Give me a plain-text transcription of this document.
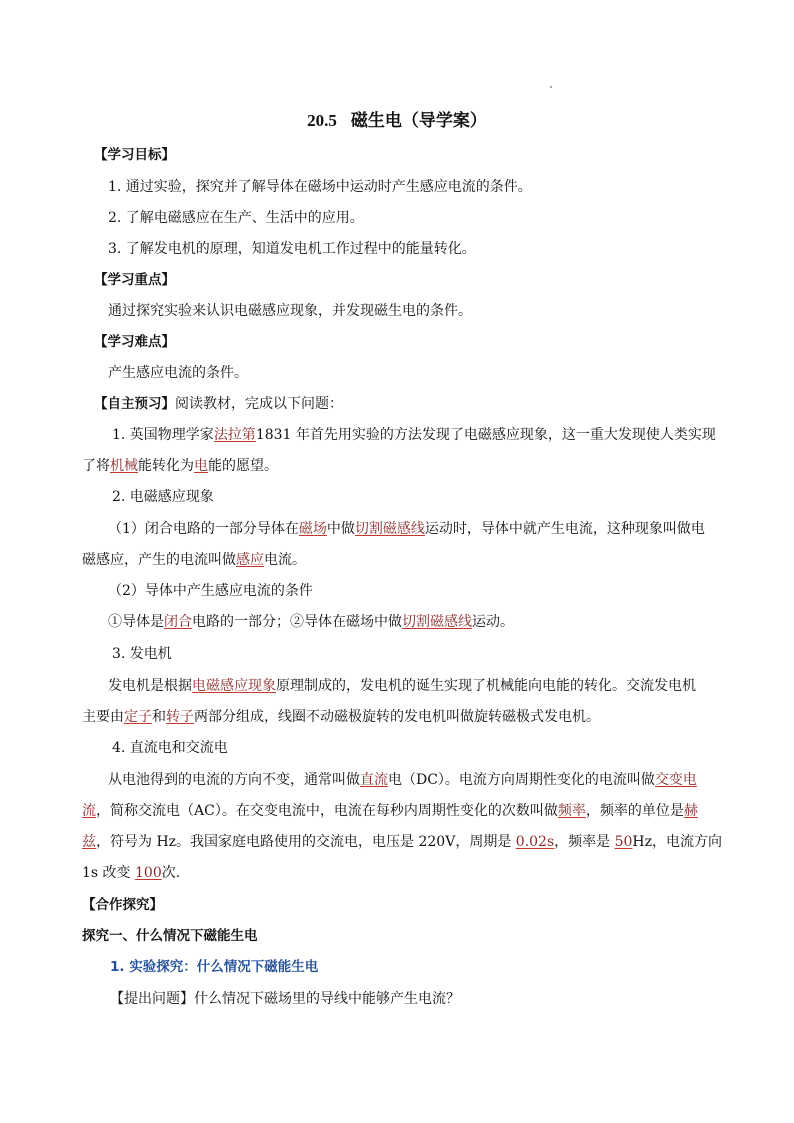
20.5 磁生电（导学案）
【学习目标】
1. 通过实验，探究并了解导体在磁场中运动时产生感应电流的条件。
2. 了解电磁感应在生产、生活中的应用。
3. 了解发电机的原理，知道发电机工作过程中的能量转化。
【学习重点】
通过探究实验来认识电磁感应现象，并发现磁生电的条件。
【学习难点】
产生感应电流的条件。
【自主预习】阅读教材，完成以下问题：
1. 英国物理学家法拉第1831 年首先用实验的方法发现了电磁感应现象，这一重大发现使人类实现
了将机械能转化为电能的愿望。
2. 电磁感应现象
（1）闭合电路的一部分导体在磁场中做切割磁感线运动时，导体中就产生电流，这种现象叫做电
磁感应，产生的电流叫做感应电流。
（2）导体中产生感应电流的条件
①导体是闭合电路的一部分；②导体在磁场中做切割磁感线运动。
3. 发电机
发电机是根据电磁感应现象原理制成的，发电机的诞生实现了机械能向电能的转化。交流发电机
主要由定子和转子两部分组成，线圈不动磁极旋转的发电机叫做旋转磁极式发电机。
4. 直流电和交流电
从电池得到的电流的方向不变，通常叫做直流电（DC）。电流方向周期性变化的电流叫做交变电
流，简称交流电（AC）。在交变电流中，电流在每秒内周期性变化的次数叫做频率，频率的单位是赫
兹，符号为 Hz。我国家庭电路使用的交流电，电压是 220V，周期是 0.02s，频率是 50Hz，电流方向
1s 改变 100次.
【合作探究】
探究一、什么情况下磁能生电
1. 实验探究：什么情况下磁能生电
【提出问题】什么情况下磁场里的导线中能够产生电流？
